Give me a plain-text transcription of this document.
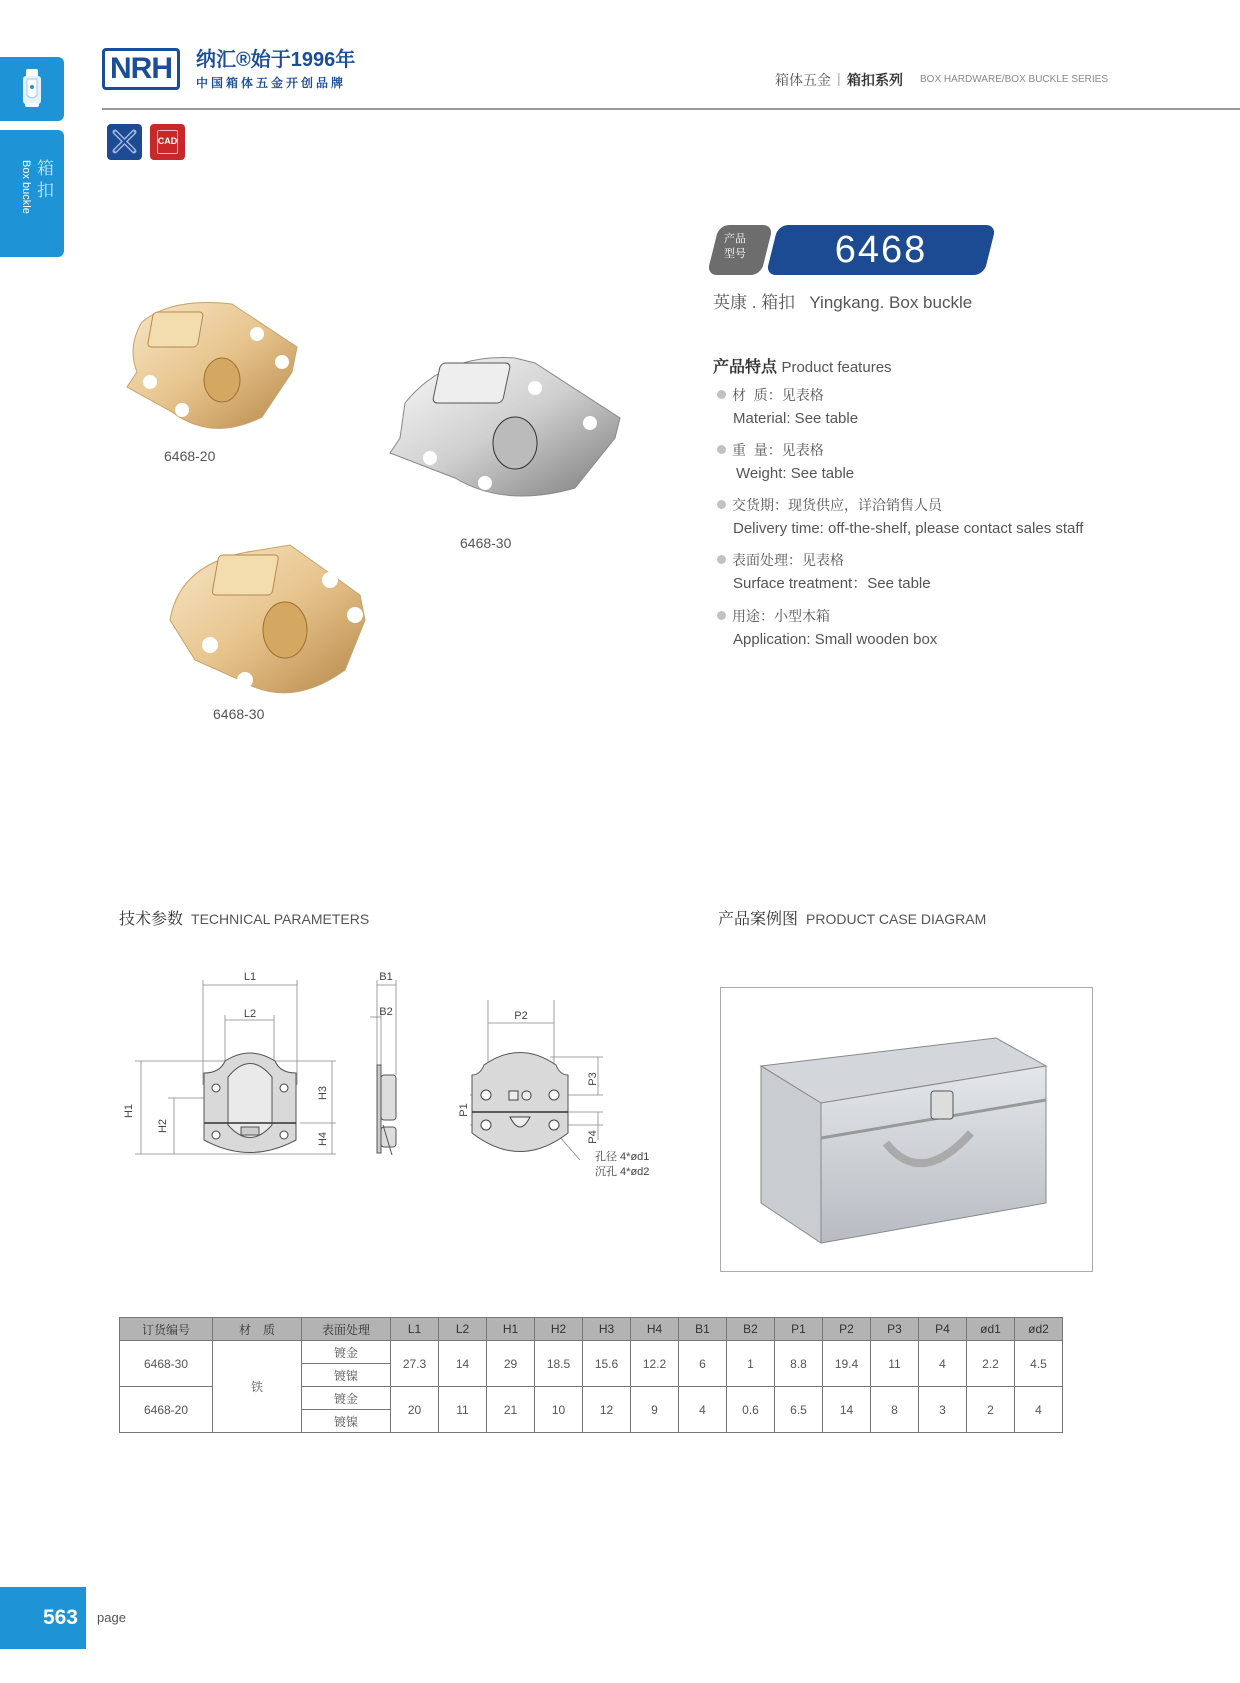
箱扣
Box buckle
NRH	纳汇®始于1996年
中国箱体五金开创品牌	箱体五金 | 箱扣系列 BOX HARDWARE/BOX BUCKLE SERIES
CAD
产品
型号	6468
英康 . 箱扣   Yingkang. Box buckle
产品特点 Product features
材  质：见表格
Material: See table
重  量：见表格
Weight: See table
交货期：现货供应，详洽销售人员
Delivery time: off-the-shelf, please contact sales staff
表面处理：见表格
Surface treatment：See table
用途：小型木箱
Application: Small wooden box
6468-20
6468-30
6468-30
技术参数 TECHNICAL PARAMETERS
L1
L2
H1
H2
H3
H4
B1
B2	P2
P3
P1
P4
孔径 4*ød1
沉孔 4*ød2
产品案例图 PRODUCT CASE DIAGRAM
订货编号	材　质	表面处理	L1	L2	H1	H2	H3	H4	B1	B2	P1	P2	P3	P4	ød1	ød2
6468-30	铁	镀金	27.3	14	29	18.5	15.6	12.2	6	1	8.8	19.4	11	4	2.2	4.5
		镀镍														
6468-20		镀金	20	11	21	10	12	9	4	0.6	6.5	14	8	3	2	4
		镀镍														
563	page
